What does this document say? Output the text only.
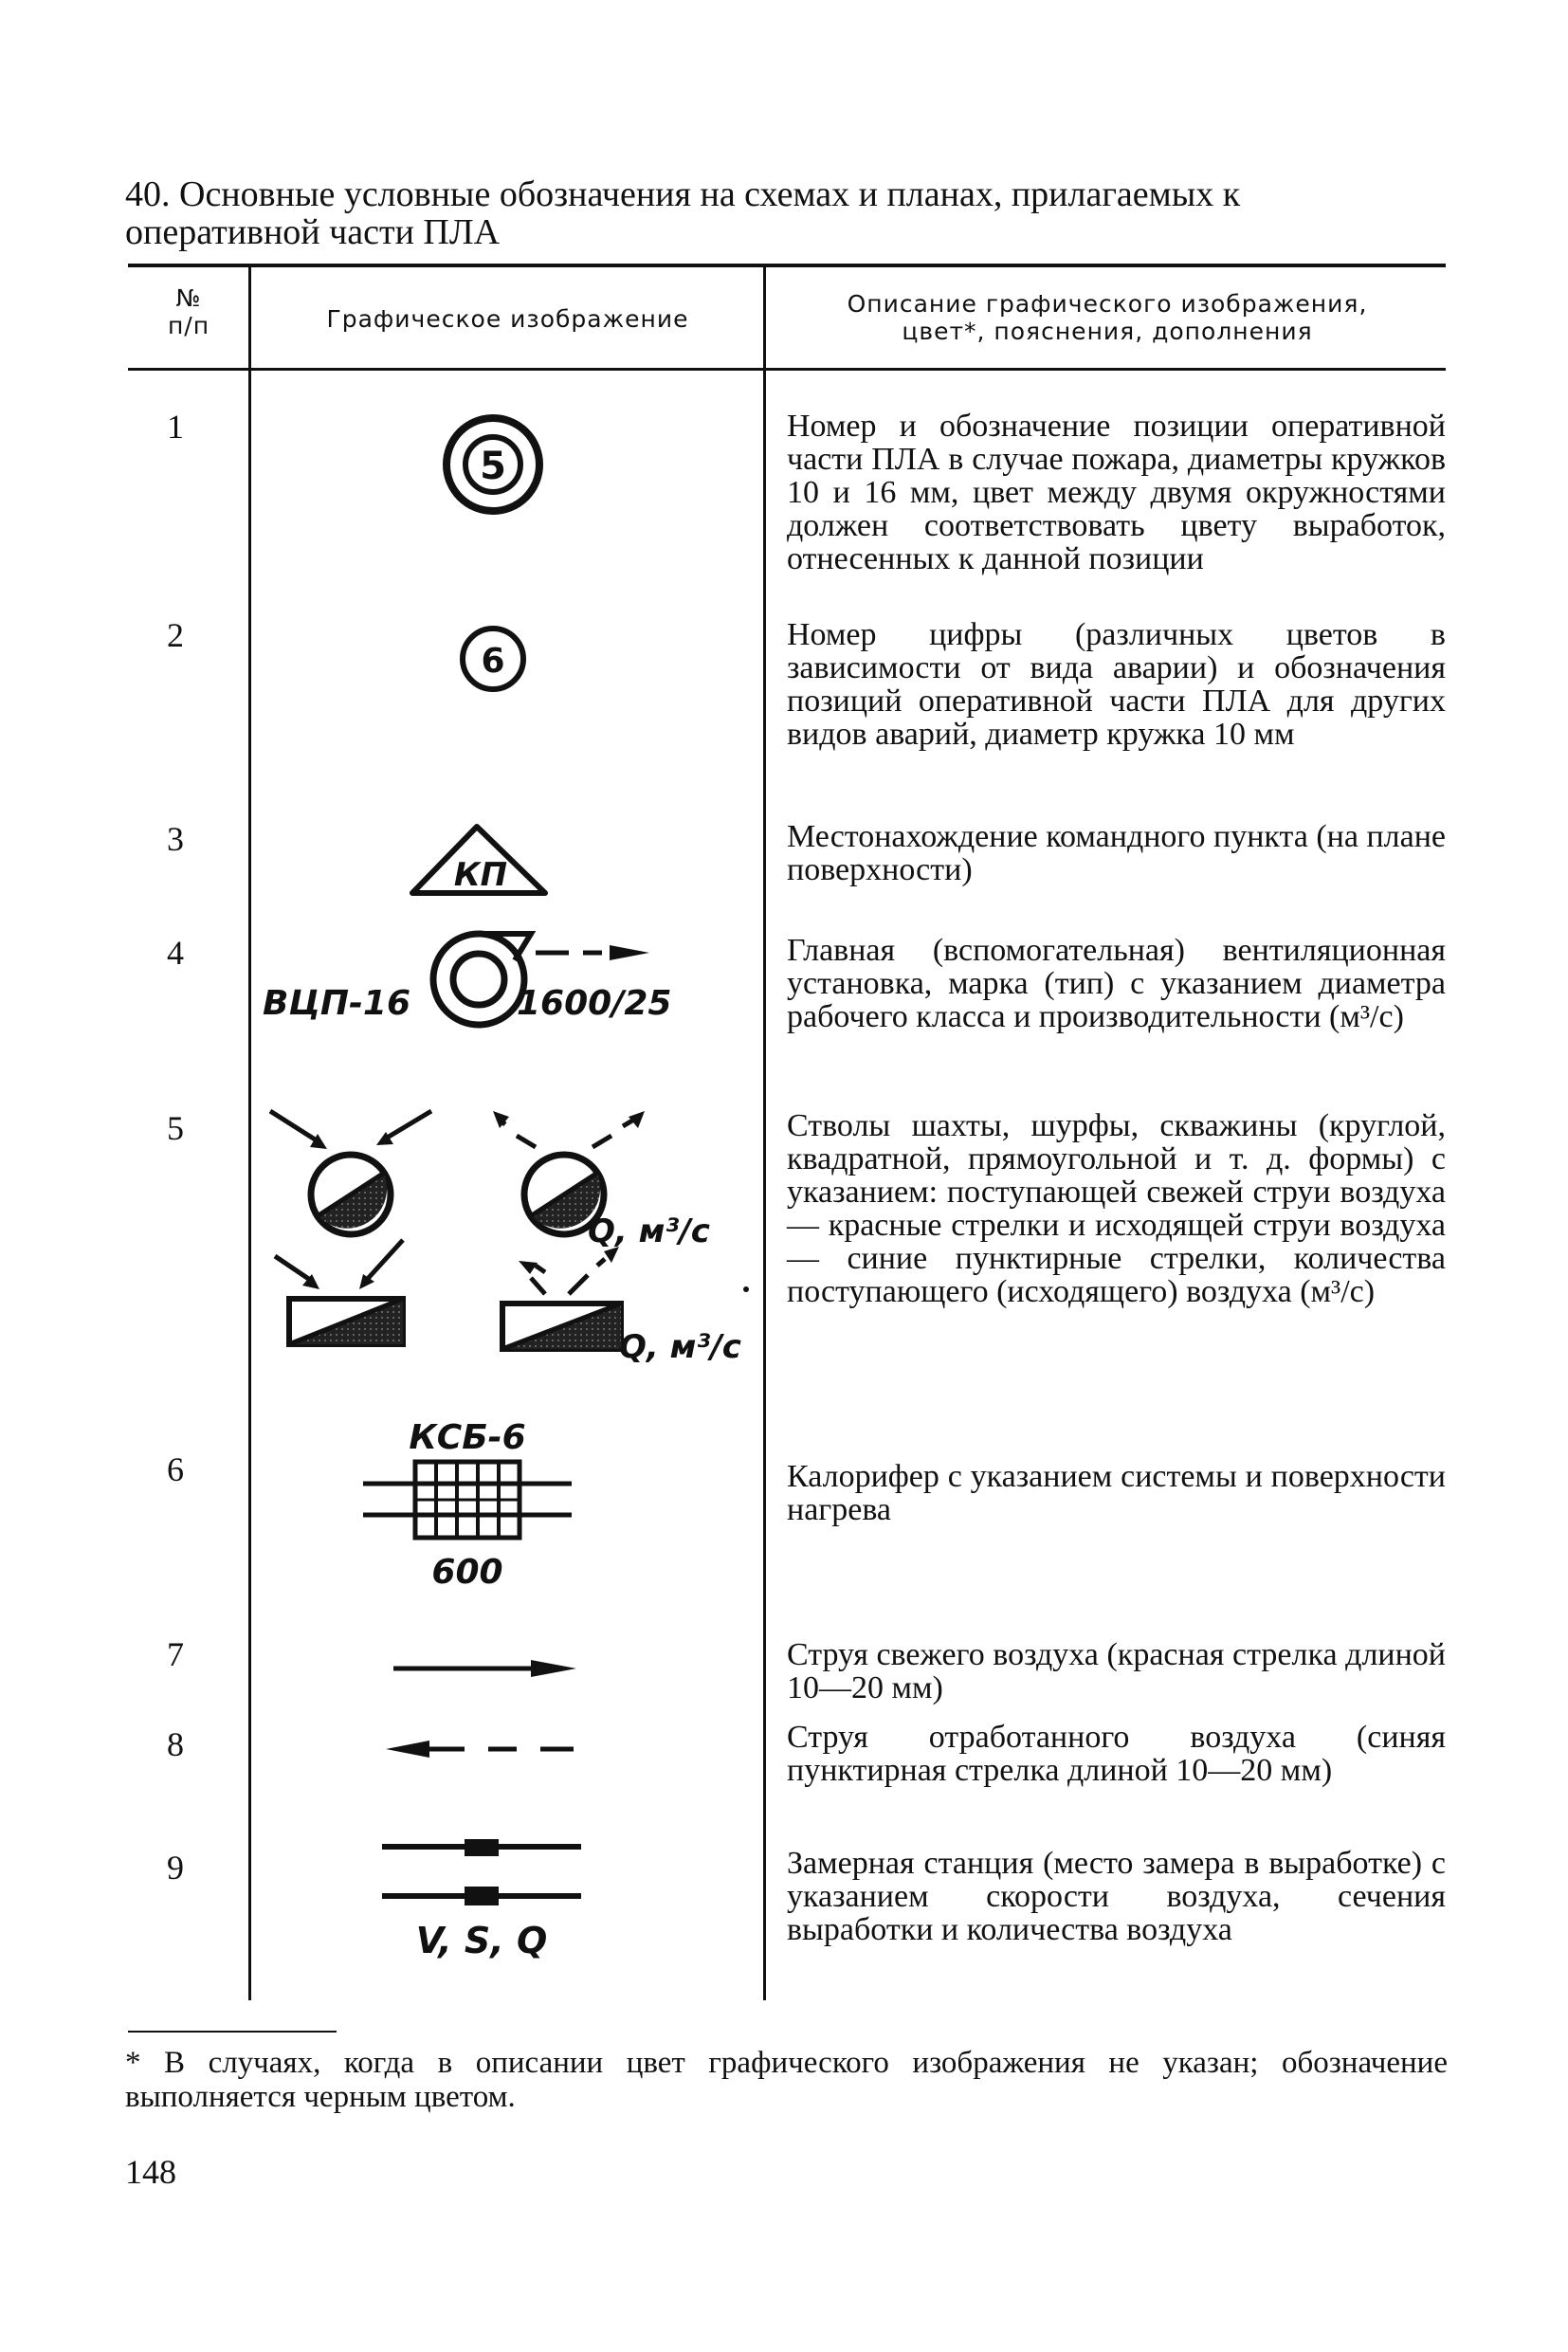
40. Основные условные обозначения на схемах и планах, прилагаемых к оперативной части ПЛА
№
п/п	Графическое изображение
Описание графического изображения,
цвет*, пояснения, дополнения
1
2
3
4
5
6
7
8
9
Номер и обозначение позиции оперативной части ПЛА в случае пожара, диаметры кружков 10 и 16 мм, цвет между двумя окружностями должен соответствовать цвету выработок, отнесенных к данной позиции
Номер цифры (различных цветов в зависимости от вида аварии) и обозначения позиций оперативной части ПЛА для других видов аварий, диаметр кружка 10 мм
Местонахождение командного пункта (на плане поверхности)
Главная (вспомогательная) вентиляционная установка, марка (тип) с указанием диаметра рабочего класса и производительности (м³/с)
Стволы шахты, шурфы, скважины (круглой, квадратной, прямоугольной и т. д. формы) с указанием: поступающей свежей струи воздуха — красные стрелки и исходящей струи воздуха — синие пунктирные стрелки, количества поступающего (исходящего) воздуха (м³/с)
Калорифер с указанием системы и поверхности нагрева
Струя свежего воздуха (красная стрелка длиной 10—20 мм)
Струя отработанного воздуха (синяя пунктирная стрелка длиной 10—20 мм)
Замерная станция (место замера в выработке) с указанием скорости воздуха, сечения выработки и количества воздуха
5
6
КП
ВЦП-16	1600/25
Q, м³/с
Q, м³/с
КСБ-6
600
V, S, Q
* В случаях, когда в описании цвет графического изображения не указан; обозначение выполняется черным цветом.
148
